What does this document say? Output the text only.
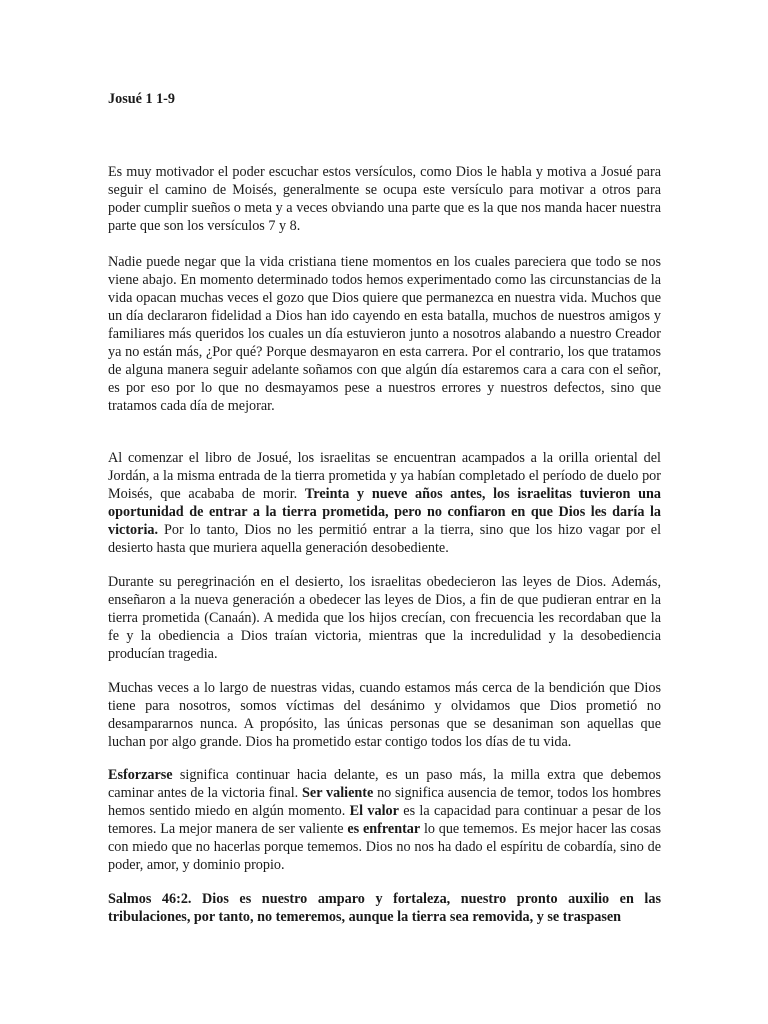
Josué 1 1-9

Es muy motivador el poder escuchar estos versículos, como Dios le habla y motiva a Josué para seguir el camino de Moisés, generalmente se ocupa este versículo para motivar a otros para poder cumplir sueños o meta y a veces obviando una parte que es la que nos manda hacer nuestra parte que son los versículos 7 y 8.

Nadie puede negar que la vida cristiana tiene momentos en los cuales pareciera que todo se nos viene abajo. En momento determinado todos hemos experimentado como las circunstancias de la vida opacan muchas veces el gozo que Dios quiere que permanezca en nuestra vida. Muchos que un día declararon fidelidad a Dios han ido cayendo en esta batalla, muchos de nuestros amigos y familiares más queridos los cuales un día estuvieron junto a nosotros alabando a nuestro Creador ya no están más, ¿Por qué? Porque desmayaron en esta carrera. Por el contrario, los que tratamos de alguna manera seguir adelante soñamos con que algún día estaremos cara a cara con el señor, es por eso por lo que no desmayamos pese a nuestros errores y nuestros defectos, sino que tratamos cada día de mejorar.

Al comenzar el libro de Josué, los israelitas se encuentran acampados a la orilla oriental del Jordán, a la misma entrada de la tierra prometida y ya habían completado el período de duelo por Moisés, que acababa de morir. Treinta y nueve años antes, los israelitas tuvieron una oportunidad de entrar a la tierra prometida, pero no confiaron en que Dios les daría la victoria. Por lo tanto, Dios no les permitió entrar a la tierra, sino que los hizo vagar por el desierto hasta que muriera aquella generación desobediente.

Durante su peregrinación en el desierto, los israelitas obedecieron las leyes de Dios. Además, enseñaron a la nueva generación a obedecer las leyes de Dios, a fin de que pudieran entrar en la tierra prometida (Canaán). A medida que los hijos crecían, con frecuencia les recordaban que la fe y la obediencia a Dios traían victoria, mientras que la incredulidad y la desobediencia producían tragedia.

Muchas veces a lo largo de nuestras vidas, cuando estamos más cerca de la bendición que Dios tiene para nosotros, somos víctimas del desánimo y olvidamos que Dios prometió no desampararnos nunca. A propósito, las únicas personas que se desaniman son aquellas que luchan por algo grande. Dios ha prometido estar contigo todos los días de tu vida.

Esforzarse significa continuar hacia delante, es un paso más, la milla extra que debemos caminar antes de la victoria final. Ser valiente no significa ausencia de temor, todos los hombres hemos sentido miedo en algún momento. El valor es la capacidad para continuar a pesar de los temores. La mejor manera de ser valiente es enfrentar lo que tememos. Es mejor hacer las cosas con miedo que no hacerlas porque tememos. Dios no nos ha dado el espíritu de cobardía, sino de poder, amor, y dominio propio.

Salmos 46:2. Dios es nuestro amparo y fortaleza, nuestro pronto auxilio en las tribulaciones, por tanto, no temeremos, aunque la tierra sea removida, y se traspasen
